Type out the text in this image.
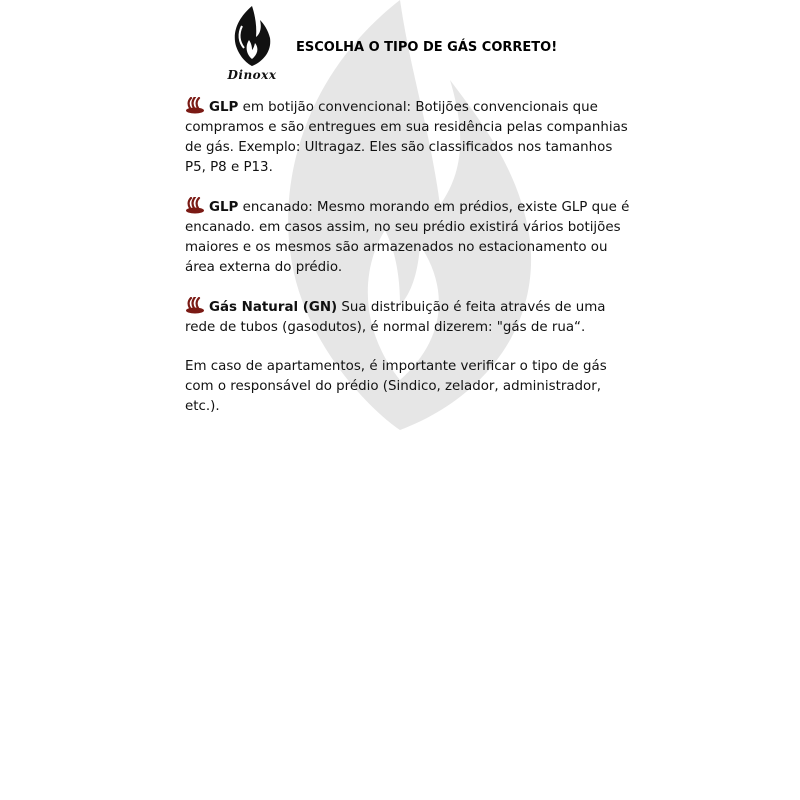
Dinoxx
ESCOLHA O TIPO DE GÁS CORRETO!

GLP em botijão convencional: Botijões convencionais que compramos e são entregues em sua residência pelas companhias de gás. Exemplo: Ultragaz. Eles são classificados nos tamanhos P5, P8 e P13.

GLP encanado: Mesmo morando em prédios, existe GLP que é encanado. em casos assim, no seu prédio existirá vários botijões maiores e os mesmos são armazenados no estacionamento ou área externa do prédio.

Gás Natural (GN) Sua distribuição é feita através de uma rede de tubos (gasodutos), é normal dizerem: "gás de rua“.

Em caso de apartamentos, é importante verificar o tipo de gás com o responsável do prédio (Sindico, zelador, administrador, etc.).
